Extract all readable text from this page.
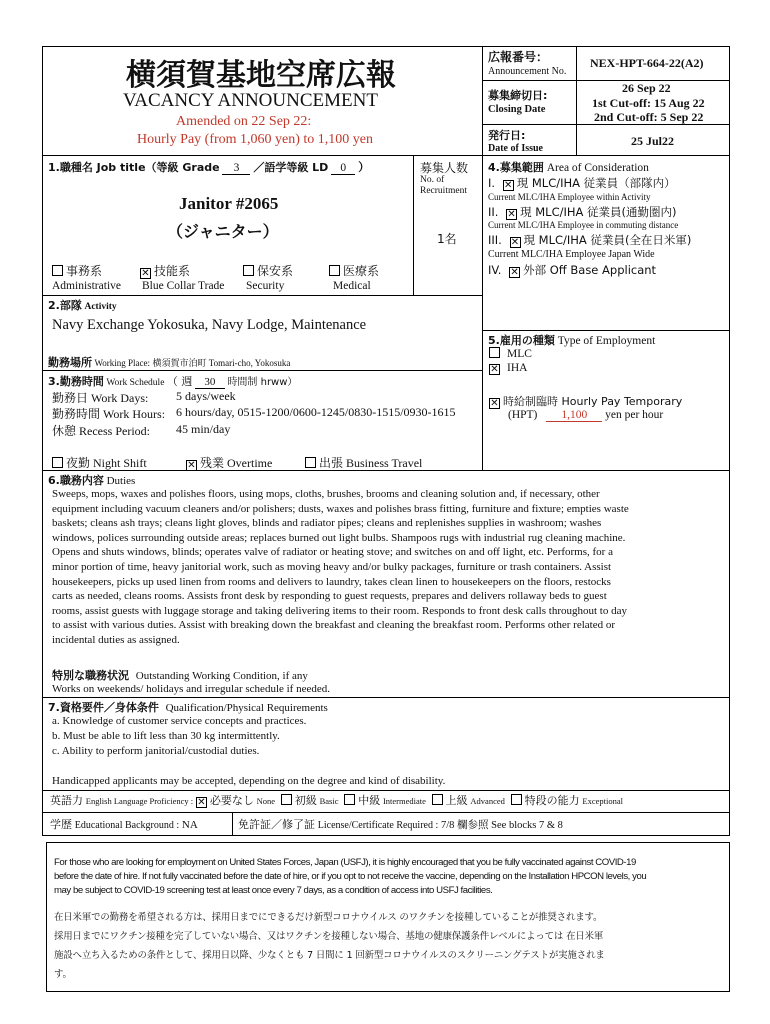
横須賀基地空席広報
VACANCY ANNOUNCEMENT
Amended on 22 Sep 22:
Hourly Pay (from 1,060 yen) to 1,100 yen
広報番号：
Announcement No.
NEX-HPT-664-22(A2)
募集締切日:
Closing Date
26 Sep 22
1st Cut-off: 15 Aug 22
2nd Cut-off: 5 Sep 22
発行日:
Date of Issue
25 Jul22
1.職種名 Job title（等級 Grade 3 ／語学等級 LD 0 ）
Janitor #2065
（ジャニター）
募集人数
No. of
Recruitment
1名
事務系
Administrative
✕技能系
Blue Collar Trade
保安系
Security
医療系
Medical
4.募集範囲 Area of Consideration
I. ✕ 現 MLC/IHA 従業員（部隊内）
Current MLC/IHA Employee within Activity
II. ✕ 現 MLC/IHA 従業員(通勤圏内)
Current MLC/IHA Employee in commuting distance
III. ✕ 現 MLC/IHA 従業員(全在日米軍)
Current MLC/IHA Employee Japan Wide
IV. ✕ 外部 Off Base Applicant
2.部隊 Activity
Navy Exchange Yokosuka, Navy Lodge, Maintenance
勤務場所 Working Place: 横須賀市泊町 Tomari-cho, Yokosuka
5.雇用の種類 Type of Employment
MLC
✕IHA
✕時給制臨時 Hourly Pay Temporary
(HPT) 1,100 yen per hour
3.勤務時間 Work Schedule （ 週 30 時間制 hrww）
勤務日 Work Days: 5 days/week
勤務時間 Work Hours: 6 hours/day, 0515-1200/0600-1245/0830-1515/0930-1615
休憩 Recess Period: 45 min/day
夜勤 Night Shift ✕	残業 Overtime	出張 Business Travel
6.職務内容 Duties
Sweeps, mops, waxes and polishes floors, using mops, cloths, brushes, brooms and cleaning solution and, if necessary, other
equipment including vacuum cleaners and/or polishers; dusts, waxes and polishes brass fitting, furniture and fixture; empties waste
baskets; cleans ash trays; cleans light gloves, blinds and radiator pipes; cleans and replenishes supplies in washroom; washes
windows, polices surrounding outside areas; replaces burned out light bulbs. Shampoos rugs with industrial rug cleaning machine.
Opens and shuts windows, blinds; operates valve of radiator or heating stove; and switches on and off light, etc. Performs, for a
minor portion of time, heavy janitorial work, such as moving heavy and/or bulky packages, furniture or trash containers. Assist
housekeepers, picks up used linen from rooms and delivers to laundry, takes clean linen to housekeepers on the floors, restocks
carts as needed, cleans rooms. Assists front desk by responding to guest requests, prepares and delivers rollaway beds to guest
rooms, assist guests with luggage storage and taking delivering items to their room. Responds to front desk calls throughout to day
to assist with various duties. Assist with breaking down the breakfast and cleaning the breakfast room. Performs other related or
incidental duties as assigned.
特別な職務状況 Outstanding Working Condition, if any
Works on weekends/ holidays and irregular schedule if needed.
7.資格要件／身体条件 Qualification/Physical Requirements
a. Knowledge of customer service concepts and practices.
b. Must be able to lift less than 30 kg intermittently.
c. Ability to perform janitorial/custodial duties.
Handicapped applicants may be accepted, depending on the degree and kind of disability.
英語力 English Language Proficiency : ✕ 必要なし None 初級 Basic 中級 Intermediate 上級 Advanced 特段の能力 Exceptional
学歴 Educational Background : NA	免許証／修了証 License/Certificate Required : 7/8 欄参照 See blocks 7 & 8
For those who are looking for employment on United States Forces, Japan (USFJ), it is highly encouraged that you be fully vaccinated against COVID-19
before the date of hire. If not fully vaccinated before the date of hire, or if you opt to not receive the vaccine, depending on the Installation HPCON levels, you
may be subject to COVID-19 screening test at least once every 7 days, as a condition of access into USFJ facilities.
在日米軍での勤務を希望される方は、採用日までにできるだけ新型コロナウイルス のワクチンを接種していることが推奨されます。
採用日までにワクチン接種を完了していない場合、又はワクチンを接種しない場合、基地の健康保護条件レベルによっては 在日米軍
施設へ立ち入るための条件として、採用日以降、少なくとも 7 日間に 1 回新型コロナウイルスのスクリーニングテストが実施されま
す。
